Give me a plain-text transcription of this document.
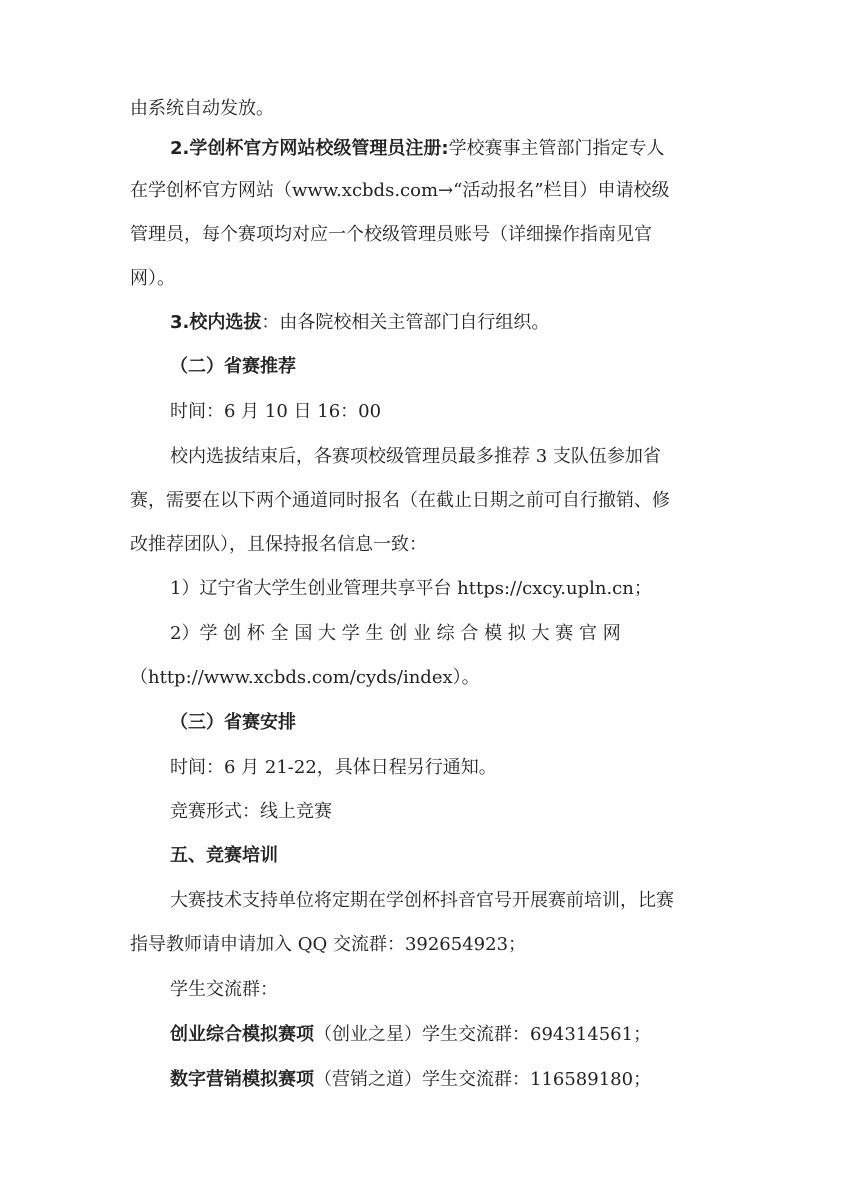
由系统自动发放。
2.学创杯官方网站校级管理员注册:学校赛事主管部门指定专人
在学创杯官方网站（www.xcbds.com→“活动报名”栏目）申请校级
管理员，每个赛项均对应一个校级管理员账号（详细操作指南见官
网）。
3.校内选拔：由各院校相关主管部门自行组织。
（二）省赛推荐
时间：6 月 10 日 16：00
校内选拔结束后，各赛项校级管理员最多推荐 3 支队伍参加省
赛，需要在以下两个通道同时报名（在截止日期之前可自行撤销、修
改推荐团队），且保持报名信息一致：
1）辽宁省大学生创业管理共享平台 https://cxcy.upln.cn；
2）学 创 杯 全 国 大 学 生 创 业 综 合 模 拟 大 赛 官 网
（http://www.xcbds.com/cyds/index）。
（三）省赛安排
时间：6 月 21-22，具体日程另行通知。
竞赛形式：线上竞赛
五、竞赛培训
大赛技术支持单位将定期在学创杯抖音官号开展赛前培训，比赛
指导教师请申请加入 QQ 交流群：392654923；
学生交流群：
创业综合模拟赛项（创业之星）学生交流群：694314561；
数字营销模拟赛项（营销之道）学生交流群：116589180；
